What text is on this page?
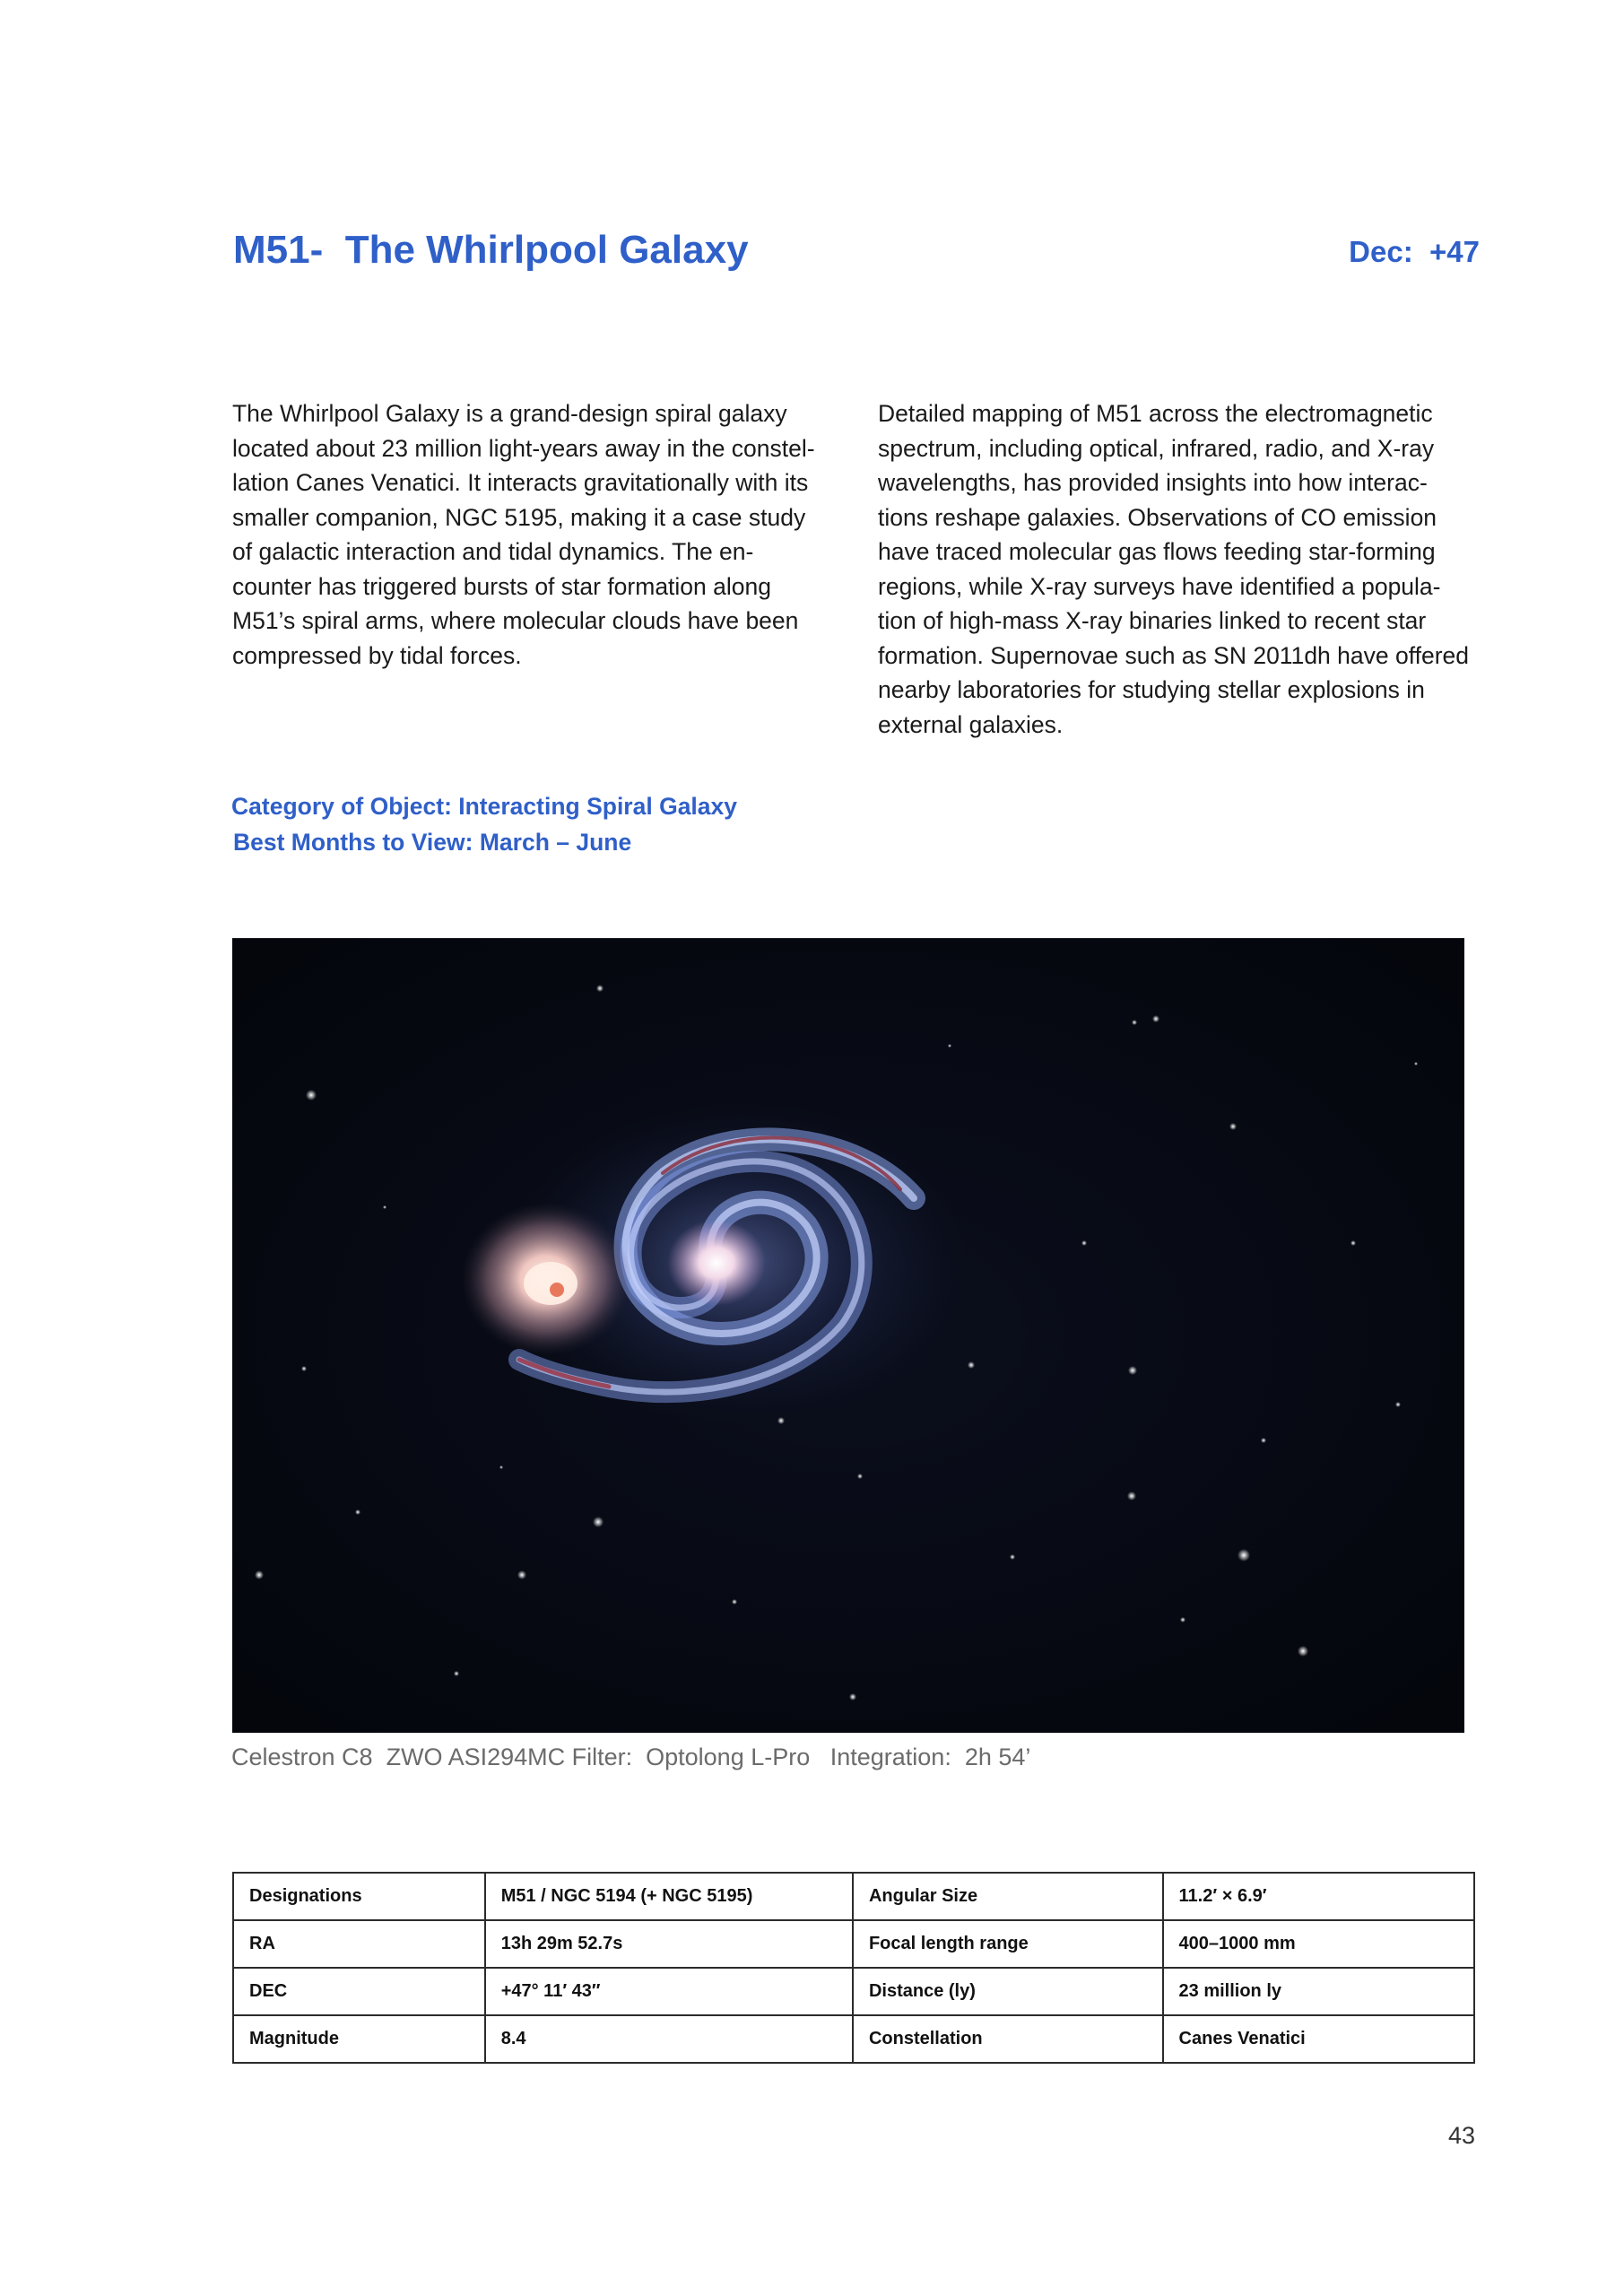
M51-  The Whirlpool Galaxy	Dec:  +47
The Whirlpool Galaxy is a grand-design spiral galaxy
located about 23 million light-years away in the constel-
lation Canes Venatici. It interacts gravitationally with its
smaller companion, NGC 5195, making it a case study
of galactic interaction and tidal dynamics. The en-
counter has triggered bursts of star formation along
M51’s spiral arms, where molecular clouds have been
compressed by tidal forces.
Detailed mapping of M51 across the electromagnetic
spectrum, including optical, infrared, radio, and X-ray
wavelengths, has provided insights into how interac-
tions reshape galaxies. Observations of CO emission
have traced molecular gas flows feeding star-forming
regions, while X-ray surveys have identified a popula-
tion of high-mass X-ray binaries linked to recent star
formation. Supernovae such as SN 2011dh have offered
nearby laboratories for studying stellar explosions in
external galaxies.
Category of Object: Interacting Spiral Galaxy
Best Months to View: March – June
Celestron C8  ZWO ASI294MC Filter:  Optolong L-Pro   Integration:  2h 54’
Designations	M51 / NGC 5194 (+ NGC 5195)	Angular Size	11.2′ × 6.9′
RA	13h 29m 52.7s	Focal length range	400–1000 mm
DEC	+47° 11′ 43″	Distance (ly)	23 million ly
Magnitude	8.4	Constellation	Canes Venatici
43
